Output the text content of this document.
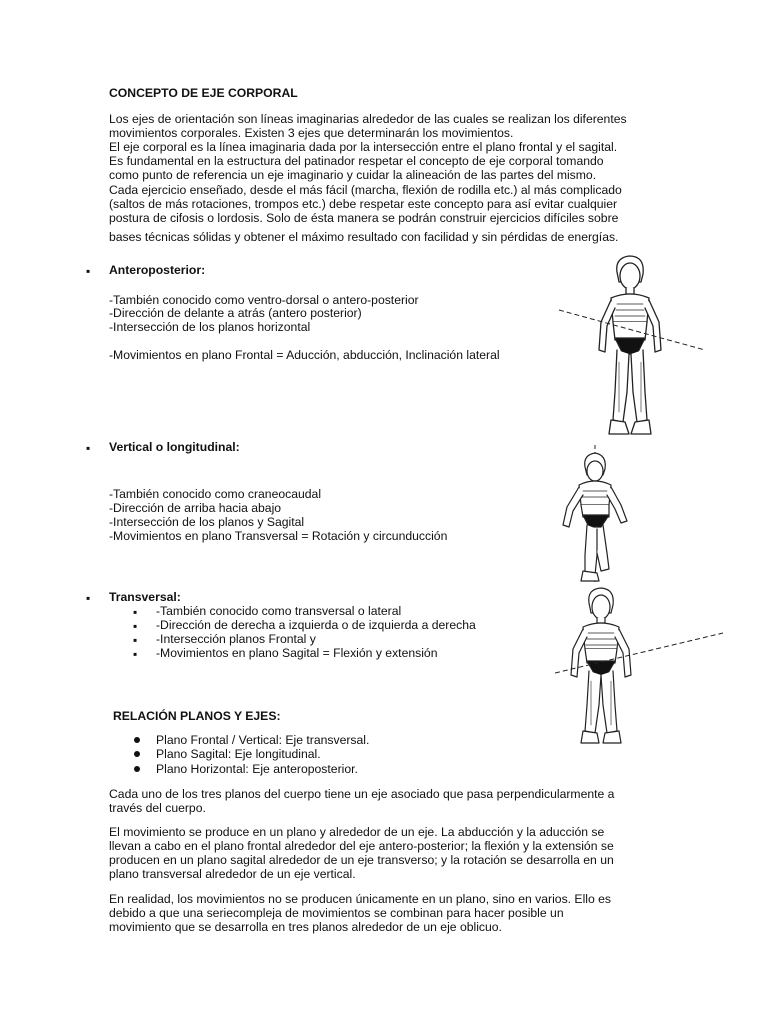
CONCEPTO DE EJE CORPORAL
Los ejes de orientación son líneas imaginarias alrededor de las cuales se realizan los diferentes
movimientos corporales. Existen 3 ejes que determinarán los movimientos.
El eje corporal es la línea imaginaria dada por la intersección entre el plano frontal y el sagital.
Es fundamental en la estructura del patinador respetar el concepto de eje corporal tomando
como punto de referencia un eje imaginario y cuidar la alineación de las partes del mismo.
Cada ejercicio enseñado, desde el más fácil (marcha, flexión de rodilla etc.) al más complicado
(saltos de más rotaciones, trompos etc.) debe respetar este concepto para así evitar cualquier
postura de cifosis o lordosis. Solo de ésta manera se podrán construir ejercicios difíciles sobre
bases técnicas sólidas y obtener el máximo resultado con facilidad y sin pérdidas de energías.
▪ Anteroposterior:
-También conocido como ventro-dorsal o antero-posterior
-Dirección de delante a atrás (antero posterior)
-Intersección de los planos horizontal
-Movimientos en plano Frontal = Aducción, abducción, Inclinación lateral
▪ Vertical o longitudinal:
-También conocido como craneocaudal
-Dirección de arriba hacia abajo
-Intersección de los planos y Sagital
-Movimientos en plano Transversal = Rotación y circunducción
▪ Transversal:
▪ -También conocido como transversal o lateral
▪ -Dirección de derecha a izquierda o de izquierda a derecha
▪ -Intersección planos Frontal y
▪ -Movimientos en plano Sagital = Flexión y extensión
RELACIÓN PLANOS Y EJES:
Plano Frontal / Vertical: Eje transversal.
Plano Sagital: Eje longitudinal.
Plano Horizontal: Eje anteroposterior.
Cada uno de los tres planos del cuerpo tiene un eje asociado que pasa perpendicularmente a
través del cuerpo.
El movimiento se produce en un plano y alrededor de un eje. La abducción y la aducción se
llevan a cabo en el plano frontal alrededor del eje antero-posterior; la flexión y la extensión se
producen en un plano sagital alrededor de un eje transverso; y la rotación se desarrolla en un
plano transversal alrededor de un eje vertical.
En realidad, los movimientos no se producen únicamente en un plano, sino en varios. Ello es
debido a que una seriecompleja de movimientos se combinan para hacer posible un
movimiento que se desarrolla en tres planos alrededor de un eje oblicuo.
